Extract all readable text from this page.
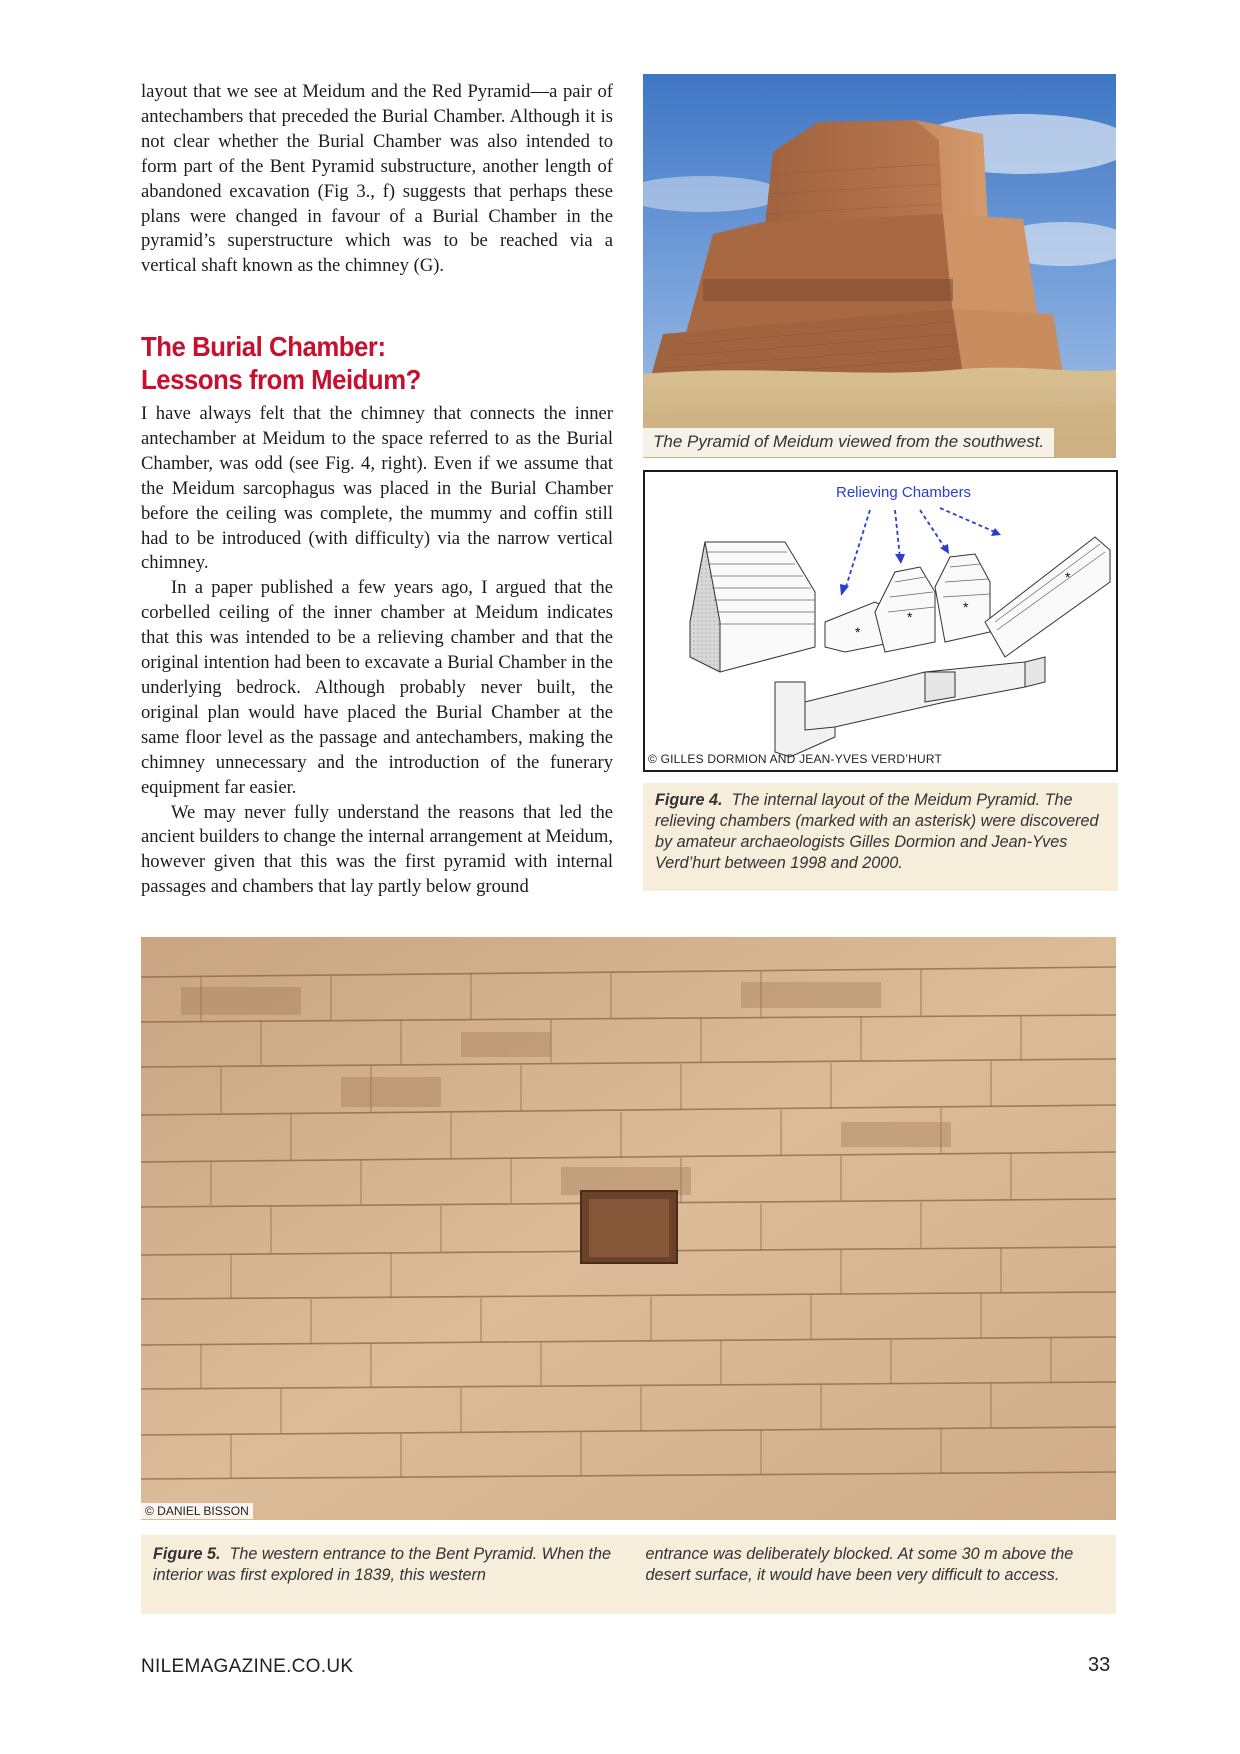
layout that we see at Meidum and the Red Pyramid—a pair of antechambers that preceded the Burial Chamber. Although it is not clear whether the Burial Chamber was also intended to form part of the Bent Pyramid substructure, another length of abandoned excavation (Fig 3., f) suggests that perhaps these plans were changed in favour of a Burial Chamber in the pyramid’s superstructure which was to be reached via a vertical shaft known as the chimney (G).

The Burial Chamber:
Lessons from Meidum?

I have always felt that the chimney that connects the inner antechamber at Meidum to the space referred to as the Burial Chamber, was odd (see Fig. 4, right). Even if we assume that the Meidum sarcophagus was placed in the Burial Chamber before the ceiling was complete, the mummy and coffin still had to be introduced (with difficulty) via the narrow vertical chimney.

In a paper published a few years ago, I argued that the corbelled ceiling of the inner chamber at Meidum indicates that this was intended to be a relieving chamber and that the original intention had been to excavate a Burial Chamber in the underlying bedrock. Although probably never built, the original plan would have placed the Burial Chamber at the same floor level as the passage and antechambers, making the chimney unnecessary and the introduction of the funerary equipment far easier.

We may never fully understand the reasons that led the ancient builders to change the internal arrangement at Meidum, however given that this was the first pyramid with internal passages and chambers that lay partly below ground

The Pyramid of Meidum viewed from the southwest.
*
*
*
*
Relieving Chambers
© GILLES DORMION AND JEAN-YVES VERD’HURT
Figure 4. The internal layout of the Meidum Pyramid. The relieving chambers (marked with an asterisk) were discovered by amateur archaeologists Gilles Dormion and Jean-Yves Verd’hurt between 1998 and 2000.
© DANIEL BISSON
Figure 5. The western entrance to the Bent Pyramid. When the interior was first explored in 1839, this western
entrance was deliberately blocked. At some 30 m above the desert surface, it would have been very difficult to access.
NILEMAGAZINE.CO.UK	33
